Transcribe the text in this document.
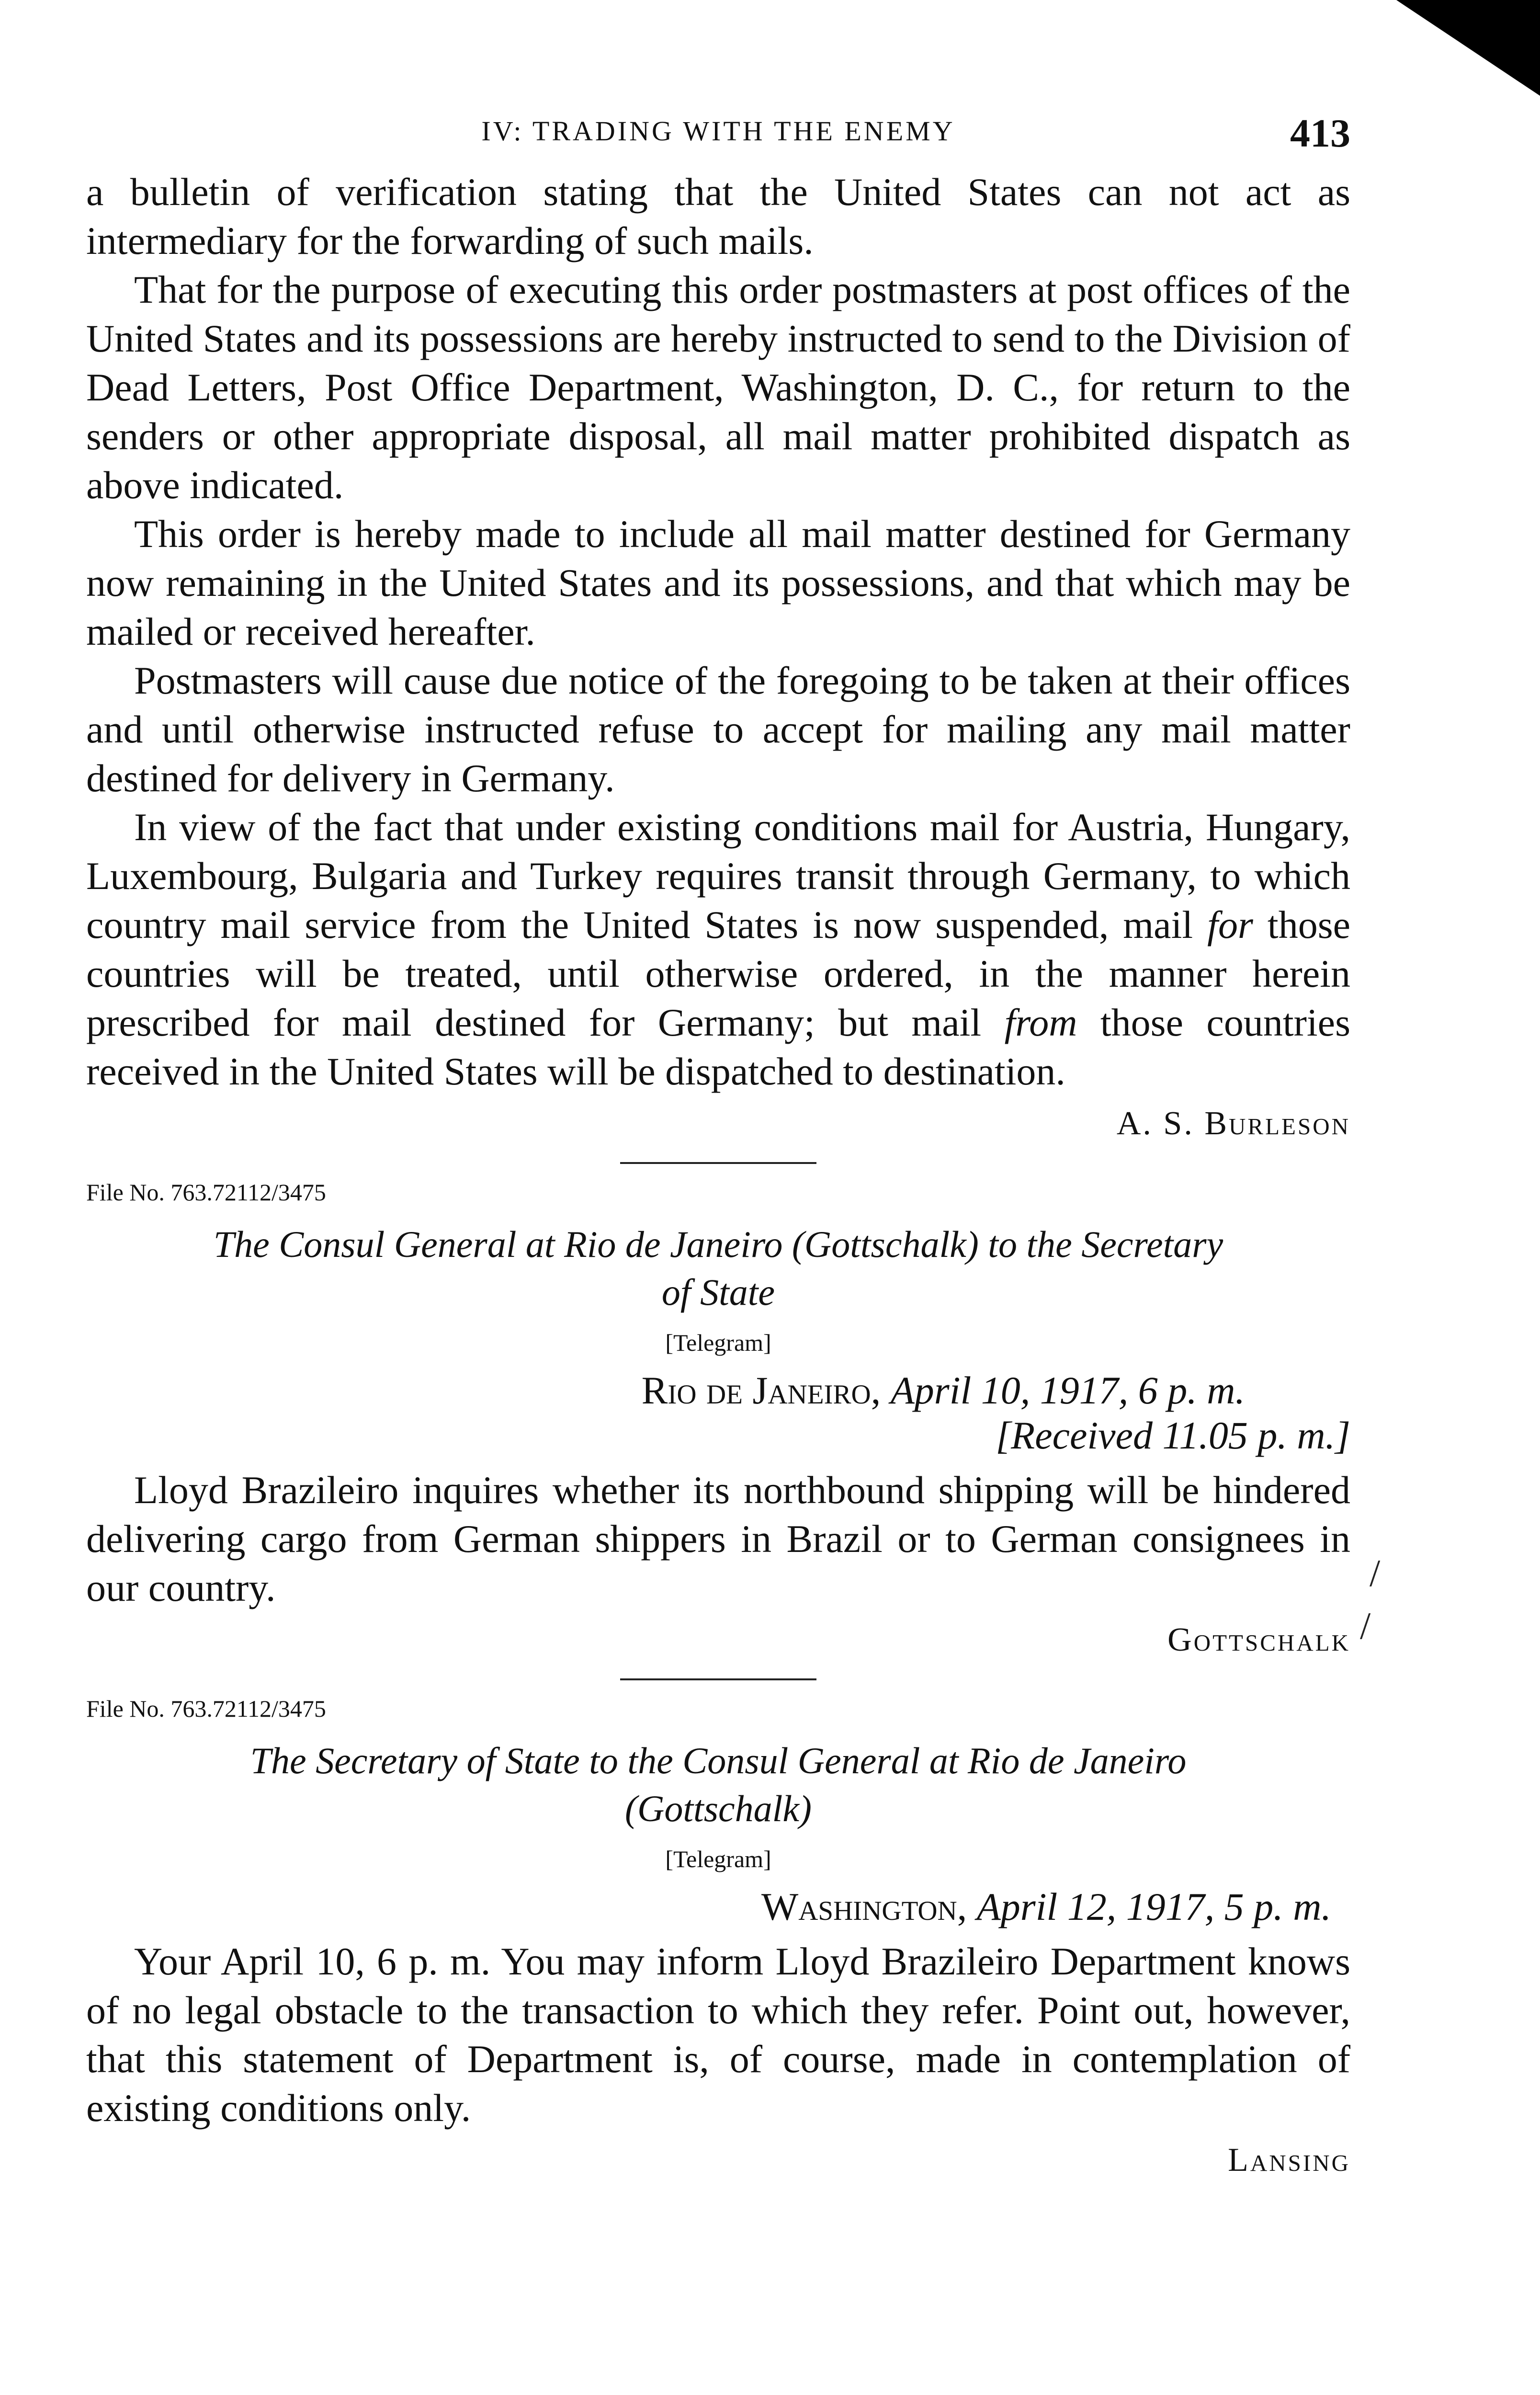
IV: TRADING WITH THE ENEMY	413

a bulletin of verification stating that the United States can not act as intermediary for the forwarding of such mails.

That for the purpose of executing this order postmasters at post offices of the United States and its possessions are hereby instructed to send to the Division of Dead Letters, Post Office Department, Washington, D. C., for return to the senders or other appropriate disposal, all mail matter prohibited dispatch as above indicated.

This order is hereby made to include all mail matter destined for Germany now remaining in the United States and its possessions, and that which may be mailed or received hereafter.

Postmasters will cause due notice of the foregoing to be taken at their offices and until otherwise instructed refuse to accept for mailing any mail matter destined for delivery in Germany.

In view of the fact that under existing conditions mail for Austria, Hungary, Luxembourg, Bulgaria and Turkey requires transit through Germany, to which country mail service from the United States is now suspended, mail for those countries will be treated, until otherwise ordered, in the manner herein prescribed for mail destined for Germany; but mail from those countries received in the United States will be dispatched to destination.

A. S. Burleson

File No. 763.72112/3475

The Consul General at Rio de Janeiro (Gottschalk) to the Secretary

of State

[Telegram]

Rio de Janeiro, April 10, 1917, 6 p. m.

[Received 11.05 p. m.]

Lloyd Brazileiro inquires whether its northbound shipping will be hindered delivering cargo from German shippers in Brazil or to German consignees in our country.

Gottschalk

File No. 763.72112/3475

The Secretary of State to the Consul General at Rio de Janeiro

(Gottschalk)

[Telegram]

Washington, April 12, 1917, 5 p. m.

Your April 10, 6 p. m. You may inform Lloyd Brazileiro Department knows of no legal obstacle to the transaction to which they refer. Point out, however, that this statement of Department is, of course, made in contemplation of existing conditions only.

Lansing

/
/
